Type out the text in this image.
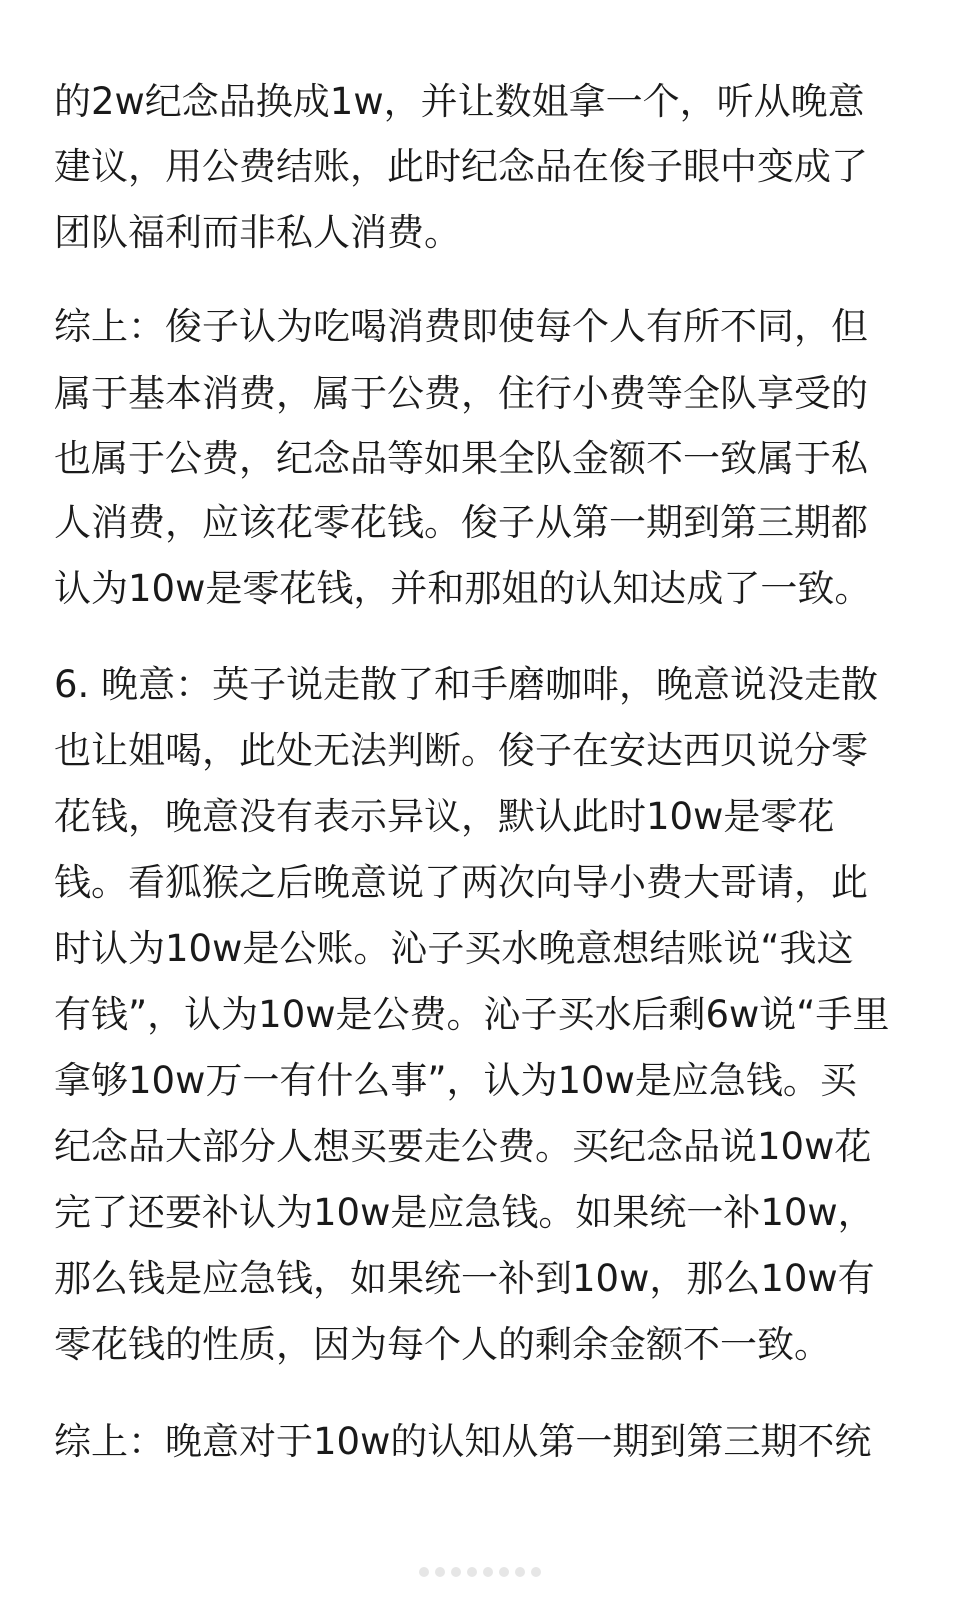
的2w纪念品换成1w，并让数姐拿一个，听从晚意
建议，用公费结账，此时纪念品在俊子眼中变成了
团队福利而非私人消费。
综上：俊子认为吃喝消费即使每个人有所不同，但
属于基本消费，属于公费，住行小费等全队享受的
也属于公费，纪念品等如果全队金额不一致属于私
人消费，应该花零花钱。俊子从第一期到第三期都
认为10w是零花钱，并和那姐的认知达成了一致。
6. 晚意：英子说走散了和手磨咖啡，晚意说没走散
也让姐喝，此处无法判断。俊子在安达西贝说分零
花钱，晚意没有表示异议，默认此时10w是零花
钱。看狐猴之后晚意说了两次向导小费大哥请，此
时认为10w是公账。沁子买水晚意想结账说“我这
有钱”，认为10w是公费。沁子买水后剩6w说“手里
拿够10w万一有什么事”，认为10w是应急钱。买
纪念品大部分人想买要走公费。买纪念品说10w花
完了还要补认为10w是应急钱。如果统一补10w，
那么钱是应急钱，如果统一补到10w，那么10w有
零花钱的性质，因为每个人的剩余金额不一致。
综上：晚意对于10w的认知从第一期到第三期不统
